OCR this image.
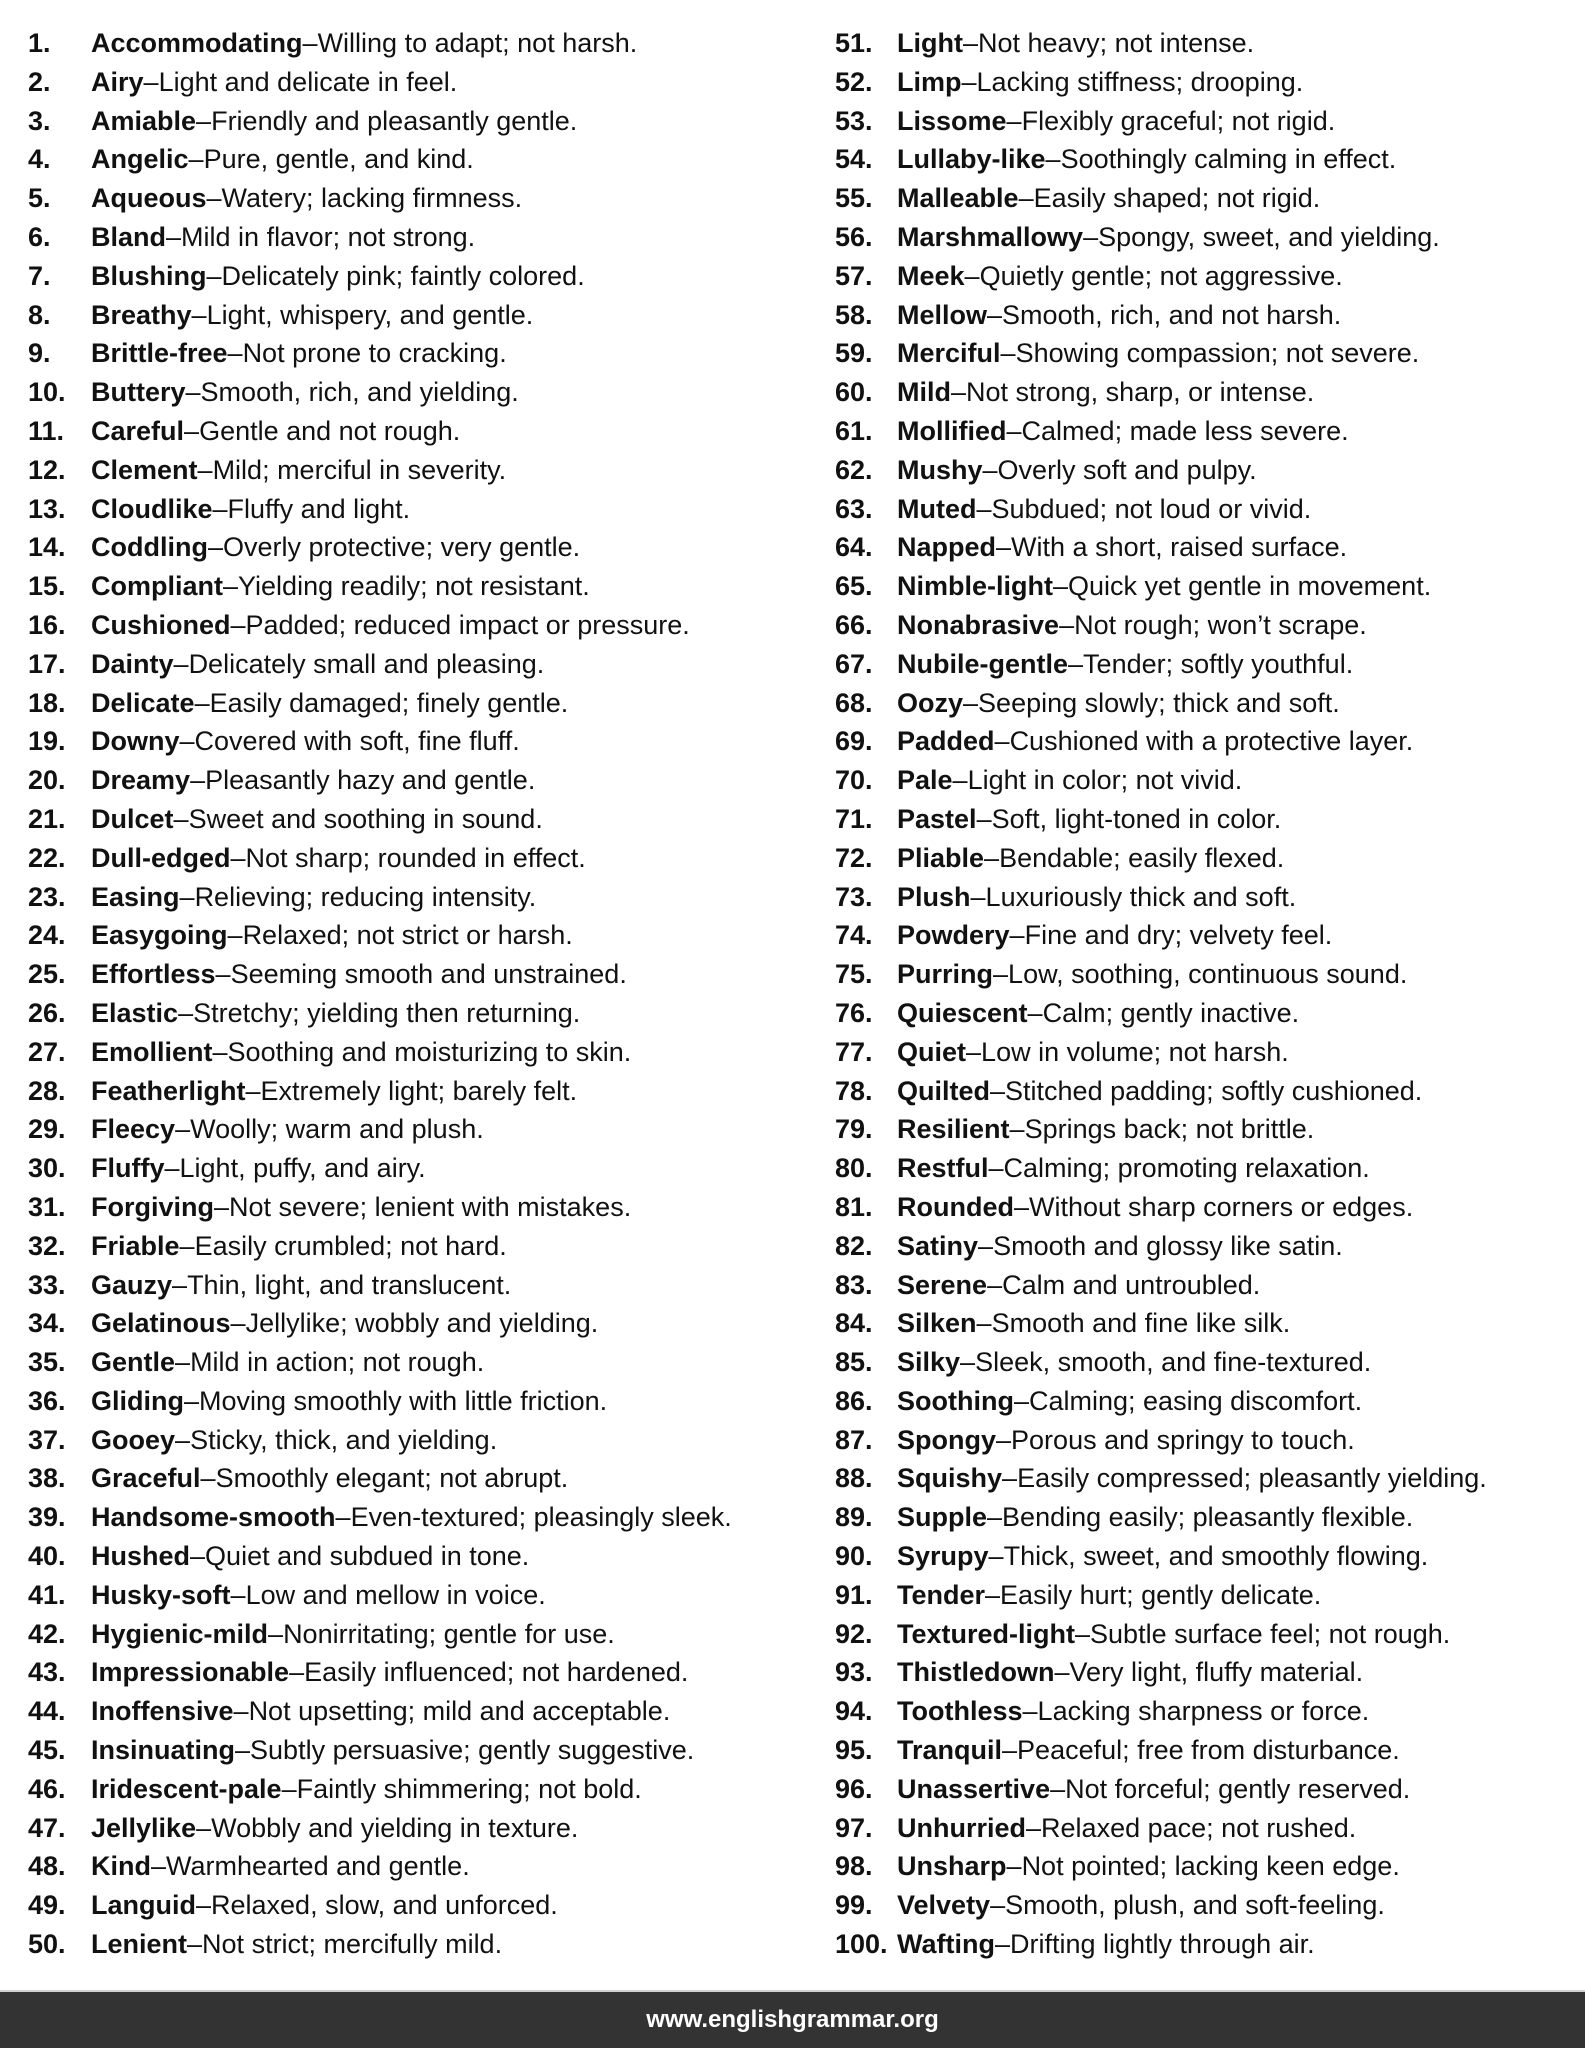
1.	Accommodating – Willing to adapt; not harsh.
2.	Airy – Light and delicate in feel.
3.	Amiable – Friendly and pleasantly gentle.
4.	Angelic – Pure, gentle, and kind.
5.	Aqueous – Watery; lacking firmness.
6.	Bland – Mild in flavor; not strong.
7.	Blushing – Delicately pink; faintly colored.
8.	Breathy – Light, whispery, and gentle.
9.	Brittle-free – Not prone to cracking.
10. Buttery – Smooth, rich, and yielding.
11. Careful – Gentle and not rough.
12. Clement – Mild; merciful in severity.
13. Cloudlike – Fluffy and light.
14. Coddling – Overly protective; very gentle.
15. Compliant – Yielding readily; not resistant.
16. Cushioned – Padded; reduced impact or pressure.
17. Dainty – Delicately small and pleasing.
18. Delicate – Easily damaged; finely gentle.
19. Downy – Covered with soft, fine fluff.
20. Dreamy – Pleasantly hazy and gentle.
21. Dulcet – Sweet and soothing in sound.
22. Dull-edged – Not sharp; rounded in effect.
23. Easing – Relieving; reducing intensity.
24. Easygoing – Relaxed; not strict or harsh.
25. Effortless – Seeming smooth and unstrained.
26. Elastic – Stretchy; yielding then returning.
27. Emollient – Soothing and moisturizing to skin.
28. Featherlight – Extremely light; barely felt.
29. Fleecy – Woolly; warm and plush.
30. Fluffy – Light, puffy, and airy.
31. Forgiving – Not severe; lenient with mistakes.
32. Friable – Easily crumbled; not hard.
33. Gauzy – Thin, light, and translucent.
34. Gelatinous – Jellylike; wobbly and yielding.
35. Gentle – Mild in action; not rough.
36. Gliding – Moving smoothly with little friction.
37. Gooey – Sticky, thick, and yielding.
38. Graceful – Smoothly elegant; not abrupt.
39. Handsome-smooth – Even-textured; pleasingly sleek.
40. Hushed – Quiet and subdued in tone.
41. Husky-soft – Low and mellow in voice.
42. Hygienic-mild – Nonirritating; gentle for use.
43. Impressionable – Easily influenced; not hardened.
44. Inoffensive – Not upsetting; mild and acceptable.
45. Insinuating – Subtly persuasive; gently suggestive.
46. Iridescent-pale – Faintly shimmering; not bold.
47. Jellylike – Wobbly and yielding in texture.
48. Kind – Warmhearted and gentle.
49. Languid – Relaxed, slow, and unforced.
50. Lenient – Not strict; mercifully mild.
51. Light – Not heavy; not intense.
52. Limp – Lacking stiffness; drooping.
53. Lissome – Flexibly graceful; not rigid.
54. Lullaby-like – Soothingly calming in effect.
55. Malleable – Easily shaped; not rigid.
56. Marshmallowy – Spongy, sweet, and yielding.
57. Meek – Quietly gentle; not aggressive.
58. Mellow – Smooth, rich, and not harsh.
59. Merciful – Showing compassion; not severe.
60. Mild – Not strong, sharp, or intense.
61. Mollified – Calmed; made less severe.
62. Mushy – Overly soft and pulpy.
63. Muted – Subdued; not loud or vivid.
64. Napped – With a short, raised surface.
65. Nimble-light – Quick yet gentle in movement.
66. Nonabrasive – Not rough; won’t scrape.
67. Nubile-gentle – Tender; softly youthful.
68. Oozy – Seeping slowly; thick and soft.
69. Padded – Cushioned with a protective layer.
70. Pale – Light in color; not vivid.
71. Pastel – Soft, light-toned in color.
72. Pliable – Bendable; easily flexed.
73. Plush – Luxuriously thick and soft.
74. Powdery – Fine and dry; velvety feel.
75. Purring – Low, soothing, continuous sound.
76. Quiescent – Calm; gently inactive.
77. Quiet – Low in volume; not harsh.
78. Quilted – Stitched padding; softly cushioned.
79. Resilient – Springs back; not brittle.
80. Restful – Calming; promoting relaxation.
81. Rounded – Without sharp corners or edges.
82. Satiny – Smooth and glossy like satin.
83. Serene – Calm and untroubled.
84. Silken – Smooth and fine like silk.
85. Silky – Sleek, smooth, and fine-textured.
86. Soothing – Calming; easing discomfort.
87. Spongy – Porous and springy to touch.
88. Squishy – Easily compressed; pleasantly yielding.
89. Supple – Bending easily; pleasantly flexible.
90. Syrupy – Thick, sweet, and smoothly flowing.
91. Tender – Easily hurt; gently delicate.
92. Textured-light – Subtle surface feel; not rough.
93. Thistledown – Very light, fluffy material.
94. Toothless – Lacking sharpness or force.
95. Tranquil – Peaceful; free from disturbance.
96. Unassertive – Not forceful; gently reserved.
97. Unhurried – Relaxed pace; not rushed.
98. Unsharp – Not pointed; lacking keen edge.
99. Velvety – Smooth, plush, and soft-feeling.
100. Wafting – Drifting lightly through air.
www.englishgrammar.org
